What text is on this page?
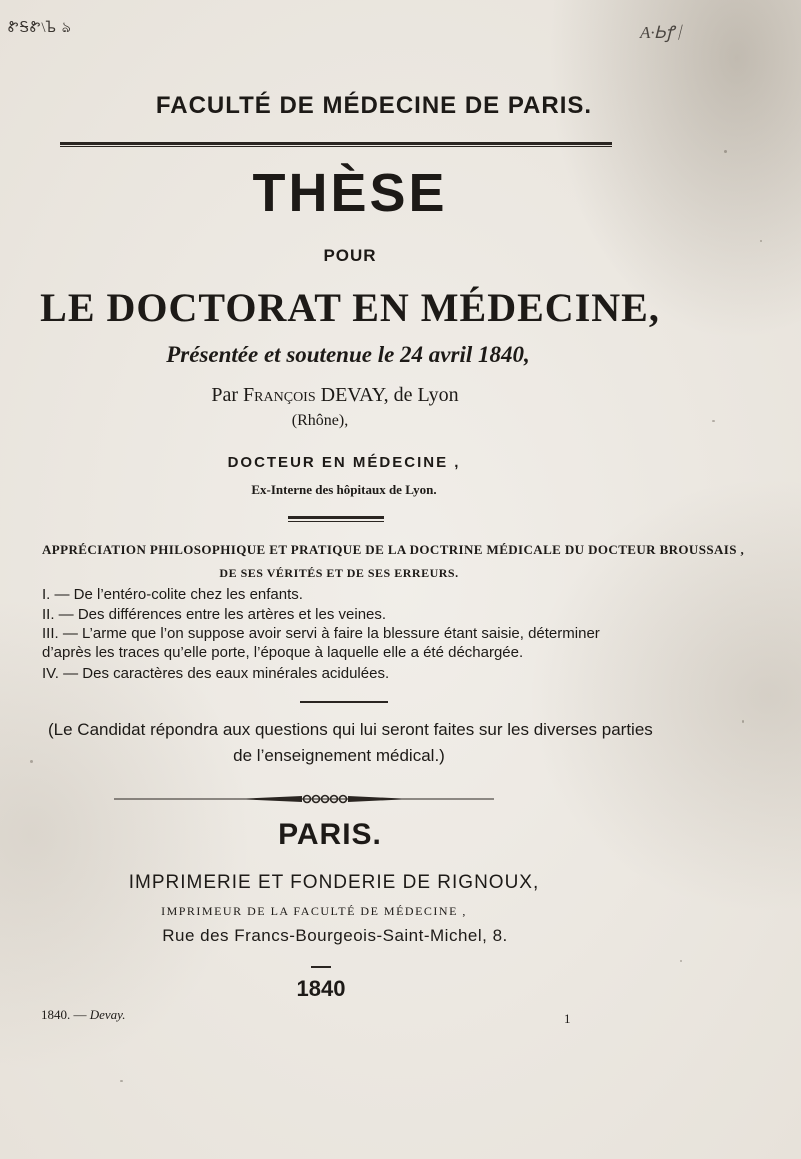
ᏑᎦᏑ\ᲆ ঌ	A·Ꮟꝭᛁ
FACULTÉ DE MÉDECINE DE PARIS.
THÈSE
POUR
LE DOCTORAT EN MÉDECINE,
Présentée et soutenue le 24 avril 1840,
Par François DEVAY, de Lyon
(Rhône),
DOCTEUR EN MÉDECINE ,
Ex-Interne des hôpitaux de Lyon.
APPRÉCIATION PHILOSOPHIQUE ET PRATIQUE DE LA DOCTRINE MÉDICALE DU DOCTEUR BROUSSAIS ,
DE SES VÉRITÉS ET DE SES ERREURS.
I. — De l’entéro-colite chez les enfants.
II. — Des différences entre les artères et les veines.
III. — L’arme que l’on suppose avoir servi à faire la blessure étant saisie, déterminer
d’après les traces qu’elle porte, l’époque à laquelle elle a été déchargée.
IV. — Des caractères des eaux minérales acidulées.
(Le Candidat répondra aux questions qui lui seront faites sur les diverses parties
de l’enseignement médical.)
PARIS.
IMPRIMERIE ET FONDERIE DE RIGNOUX,
IMPRIMEUR DE LA FACULTÉ DE MÉDECINE ,
Rue des Francs-Bourgeois-Saint-Michel, 8.
1840
1840. — Devay.	1
